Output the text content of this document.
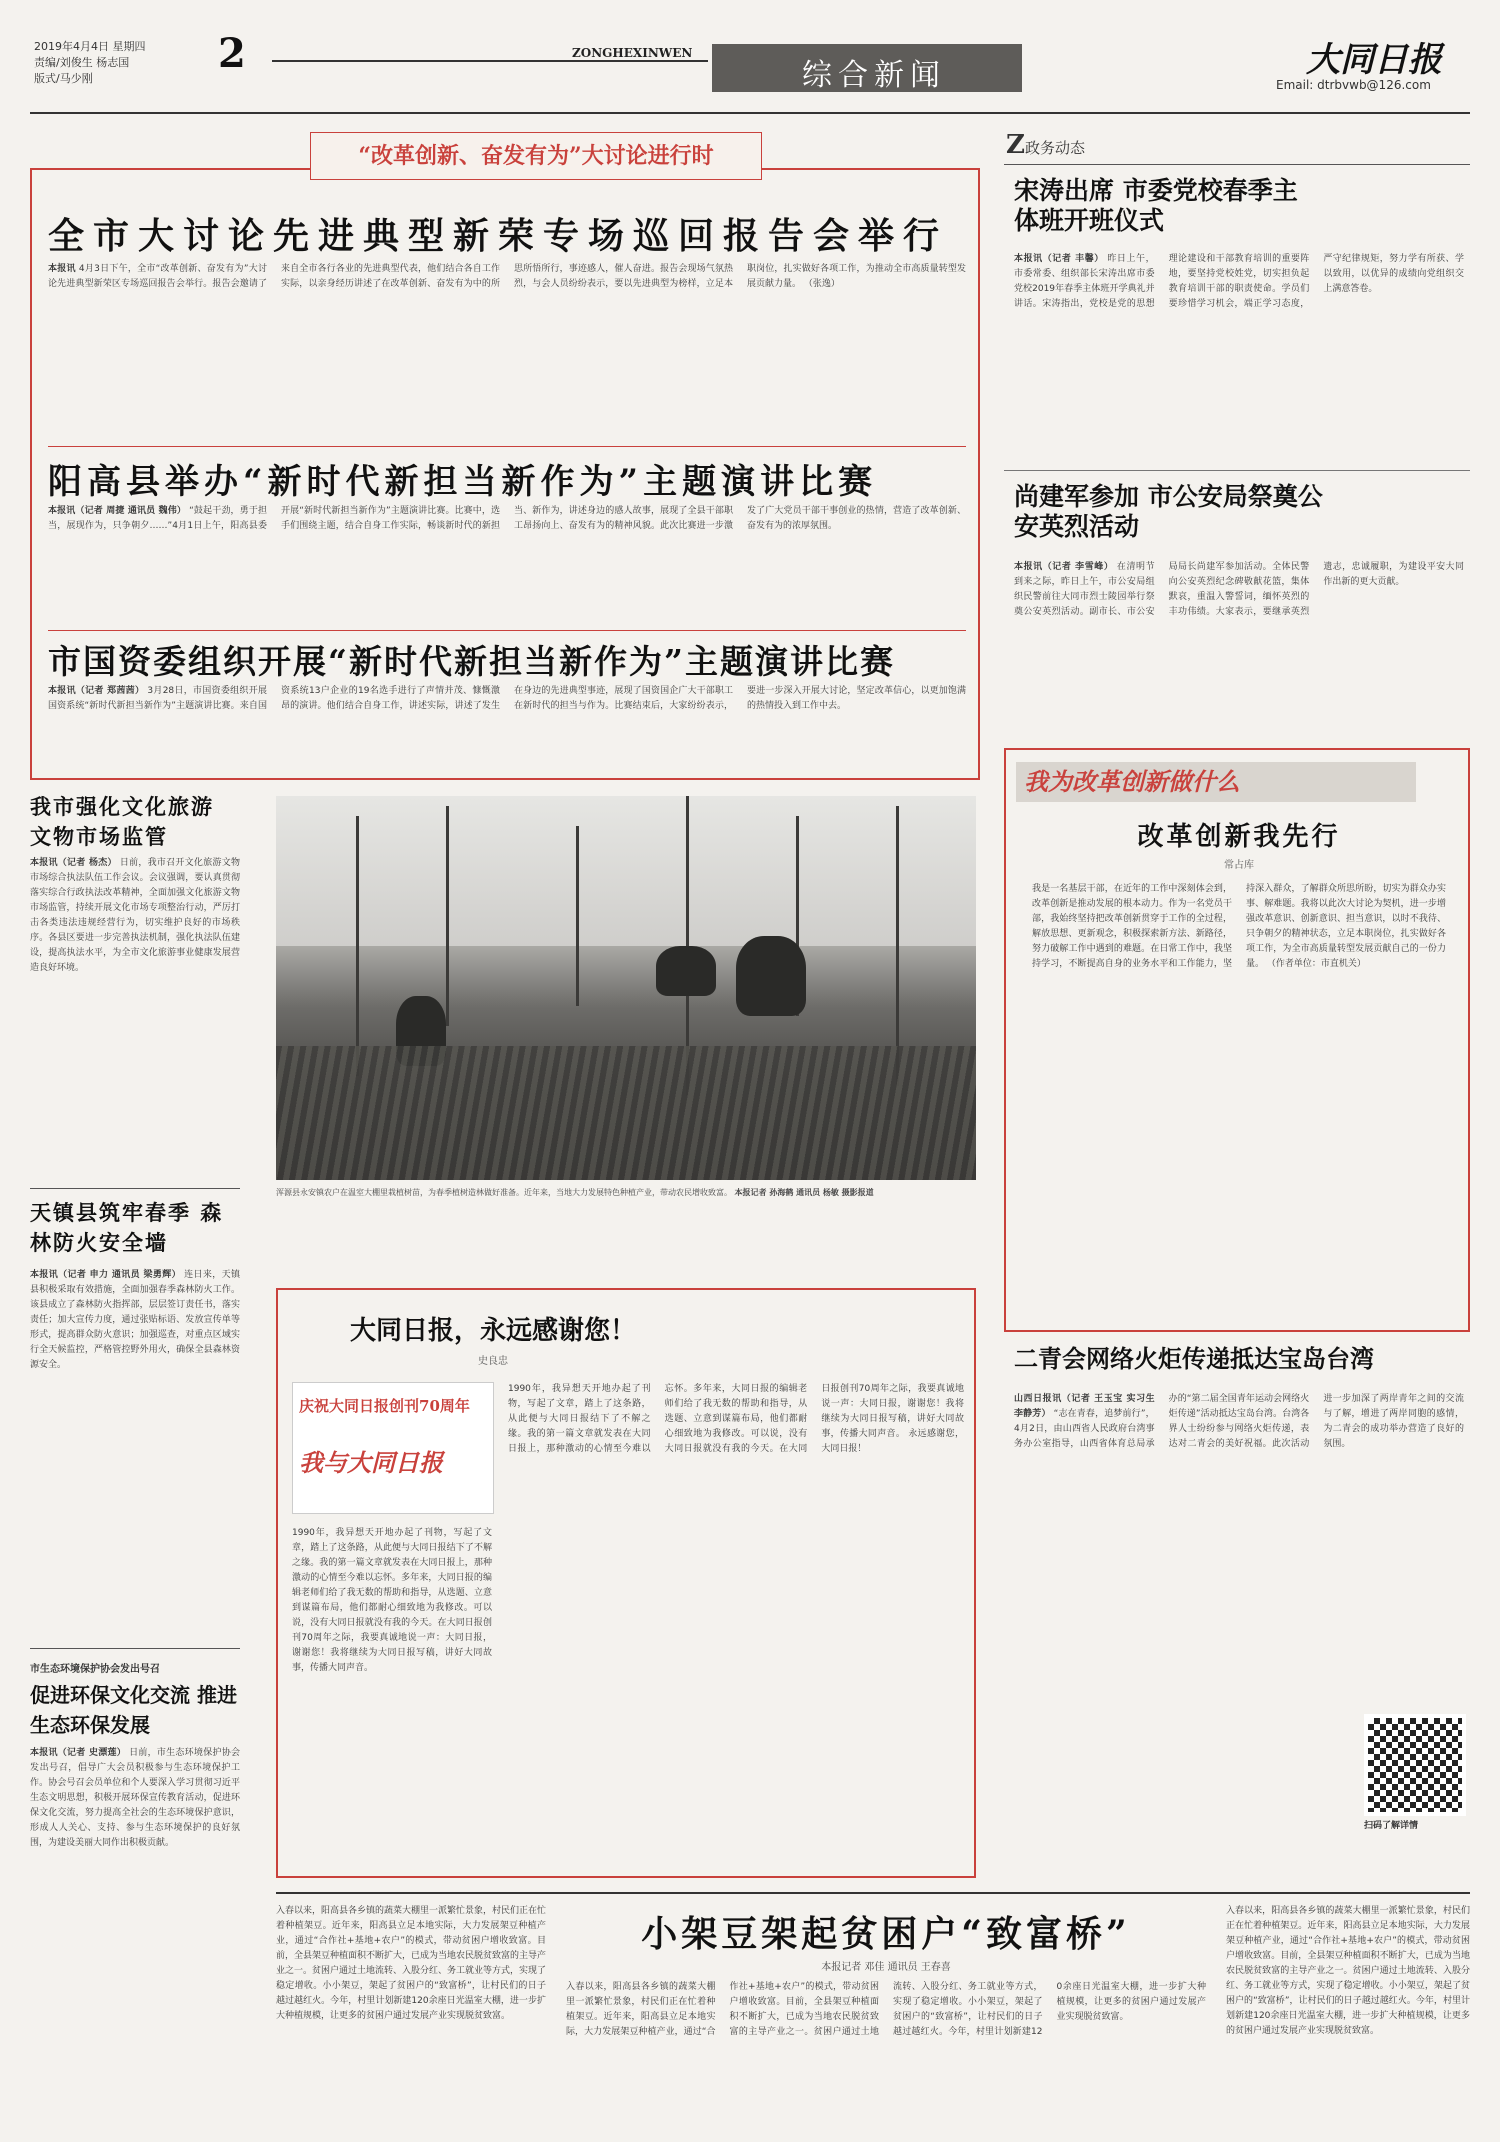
2019年4月4日 星期四
责编/刘俊生 杨志国
版式/马少刚
2	ZONGHEXINWEN
综合新闻	大同日报
Email: dtrbvwb@126.com
“改革创新、奋发有为”大讨论进行时
全市大讨论先进典型新荣专场巡回报告会举行
本报讯 4月3日下午，全市“改革创新、奋发有为”大讨论先进典型新荣区专场巡回报告会举行。报告会邀请了来自全市各行各业的先进典型代表，他们结合各自工作实际，以亲身经历讲述了在改革创新、奋发有为中的所思所悟所行，事迹感人，催人奋进。报告会现场气氛热烈，与会人员纷纷表示，要以先进典型为榜样，立足本职岗位，扎实做好各项工作，为推动全市高质量转型发展贡献力量。 （张逸）
阳高县举办“新时代新担当新作为”主题演讲比赛
本报讯（记者 周捷 通讯员 魏伟） “鼓起干劲，勇于担当，展现作为，只争朝夕……”4月1日上午，阳高县委开展“新时代新担当新作为”主题演讲比赛。比赛中，选手们围绕主题，结合自身工作实际，畅谈新时代的新担当、新作为，讲述身边的感人故事，展现了全县干部职工昂扬向上、奋发有为的精神风貌。此次比赛进一步激发了广大党员干部干事创业的热情，营造了改革创新、奋发有为的浓厚氛围。
市国资委组织开展“新时代新担当新作为”主题演讲比赛
本报讯（记者 郑茜茜） 3月28日，市国资委组织开展国资系统“新时代新担当新作为”主题演讲比赛。来自国资系统13户企业的19名选手进行了声情并茂、慷慨激昂的演讲。他们结合自身工作，讲述实际，讲述了发生在身边的先进典型事迹，展现了国资国企广大干部职工在新时代的担当与作为。比赛结束后，大家纷纷表示，要进一步深入开展大讨论，坚定改革信心，以更加饱满的热情投入到工作中去。
Z政务动态
宋涛出席 市委党校春季主体班开班仪式
本报讯（记者 丰馨） 昨日上午，市委常委、组织部长宋涛出席市委党校2019年春季主体班开学典礼并讲话。宋涛指出，党校是党的思想理论建设和干部教育培训的重要阵地，要坚持党校姓党，切实担负起教育培训干部的职责使命。学员们要珍惜学习机会，端正学习态度，严守纪律规矩，努力学有所获、学以致用，以优异的成绩向党组织交上满意答卷。
尚建军参加 市公安局祭奠公安英烈活动
本报讯（记者 李雪峰） 在清明节到来之际，昨日上午，市公安局组织民警前往大同市烈士陵园举行祭奠公安英烈活动。副市长、市公安局局长尚建军参加活动。全体民警向公安英烈纪念碑敬献花篮，集体默哀，重温入警誓词，缅怀英烈的丰功伟绩。大家表示，要继承英烈遗志，忠诚履职，为建设平安大同作出新的更大贡献。
我为改革创新做什么
改革创新我先行
常占库
我是一名基层干部，在近年的工作中深刻体会到，改革创新是推动发展的根本动力。作为一名党员干部，我始终坚持把改革创新贯穿于工作的全过程，解放思想、更新观念，积极探索新方法、新路径，努力破解工作中遇到的难题。在日常工作中，我坚持学习，不断提高自身的业务水平和工作能力，坚持深入群众，了解群众所思所盼，切实为群众办实事、解难题。我将以此次大讨论为契机，进一步增强改革意识、创新意识、担当意识，以时不我待、只争朝夕的精神状态，立足本职岗位，扎实做好各项工作，为全市高质量转型发展贡献自己的一份力量。 （作者单位：市直机关）
我市强化文化旅游 文物市场监管
本报讯（记者 杨杰） 日前，我市召开文化旅游文物市场综合执法队伍工作会议。会议强调，要认真贯彻落实综合行政执法改革精神，全面加强文化旅游文物市场监管，持续开展文化市场专项整治行动，严厉打击各类违法违规经营行为，切实维护良好的市场秩序。各县区要进一步完善执法机制，强化执法队伍建设，提高执法水平，为全市文化旅游事业健康发展营造良好环境。
天镇县筑牢春季 森林防火安全墙
本报讯（记者 申力 通讯员 梁勇辉） 连日来，天镇县积极采取有效措施，全面加强春季森林防火工作。该县成立了森林防火指挥部，层层签订责任书，落实责任；加大宣传力度，通过张贴标语、发放宣传单等形式，提高群众防火意识；加强巡查，对重点区域实行全天候监控，严格管控野外用火，确保全县森林资源安全。
市生态环境保护协会发出号召
促进环保文化交流 推进生态环保发展
本报讯（记者 史漂莲） 日前，市生态环境保护协会发出号召，倡导广大会员积极参与生态环境保护工作。协会号召会员单位和个人要深入学习贯彻习近平生态文明思想，积极开展环保宣传教育活动，促进环保文化交流，努力提高全社会的生态环境保护意识，形成人人关心、支持、参与生态环境保护的良好氛围，为建设美丽大同作出积极贡献。
浑源县永安镇农户在温室大棚里栽植树苗，为春季植树造林做好准备。近年来，当地大力发展特色种植产业，带动农民增收致富。 本报记者 孙海鹤 通讯员 杨敏 摄影报道
大同日报，永远感谢您！
史良忠
庆祝大同日报创刊70周年
我与大同日报
1990年，我异想天开地办起了刊物，写起了文章，踏上了这条路，从此便与大同日报结下了不解之缘。我的第一篇文章就发表在大同日报上，那种激动的心情至今难以忘怀。多年来，大同日报的编辑老师们给了我无数的帮助和指导，从选题、立意到谋篇布局，他们都耐心细致地为我修改。可以说，没有大同日报就没有我的今天。在大同日报创刊70周年之际，我要真诚地说一声：大同日报，谢谢您！我将继续为大同日报写稿，讲好大同故事，传播大同声音。 永远感谢您，大同日报！
1990年，我异想天开地办起了刊物，写起了文章，踏上了这条路，从此便与大同日报结下了不解之缘。我的第一篇文章就发表在大同日报上，那种激动的心情至今难以忘怀。多年来，大同日报的编辑老师们给了我无数的帮助和指导，从选题、立意到谋篇布局，他们都耐心细致地为我修改。可以说，没有大同日报就没有我的今天。在大同日报创刊70周年之际，我要真诚地说一声：大同日报，谢谢您！我将继续为大同日报写稿，讲好大同故事，传播大同声音。
二青会网络火炬传递抵达宝岛台湾
山西日报讯（记者 王玉宝 实习生 李静芳） “志在青春，追梦前行”，4月2日，由山西省人民政府台湾事务办公室指导，山西省体育总局承办的“第二届全国青年运动会网络火炬传递”活动抵达宝岛台湾。台湾各界人士纷纷参与网络火炬传递，表达对二青会的美好祝福。此次活动进一步加深了两岸青年之间的交流与了解，增进了两岸同胞的感情，为二青会的成功举办营造了良好的氛围。
扫码了解详情
入春以来，阳高县各乡镇的蔬菜大棚里一派繁忙景象，村民们正在忙着种植架豆。近年来，阳高县立足本地实际，大力发展架豆种植产业，通过“合作社+基地+农户”的模式，带动贫困户增收致富。目前，全县架豆种植面积不断扩大，已成为当地农民脱贫致富的主导产业之一。贫困户通过土地流转、入股分红、务工就业等方式，实现了稳定增收。小小架豆，架起了贫困户的“致富桥”，让村民们的日子越过越红火。今年，村里计划新建120余座日光温室大棚，进一步扩大种植规模，让更多的贫困户通过发展产业实现脱贫致富。
小架豆架起贫困户“致富桥”
本报记者 邓佳 通讯员 王春喜
入春以来，阳高县各乡镇的蔬菜大棚里一派繁忙景象，村民们正在忙着种植架豆。近年来，阳高县立足本地实际，大力发展架豆种植产业，通过“合作社+基地+农户”的模式，带动贫困户增收致富。目前，全县架豆种植面积不断扩大，已成为当地农民脱贫致富的主导产业之一。贫困户通过土地流转、入股分红、务工就业等方式，实现了稳定增收。小小架豆，架起了贫困户的“致富桥”，让村民们的日子越过越红火。今年，村里计划新建120余座日光温室大棚，进一步扩大种植规模，让更多的贫困户通过发展产业实现脱贫致富。
入春以来，阳高县各乡镇的蔬菜大棚里一派繁忙景象，村民们正在忙着种植架豆。近年来，阳高县立足本地实际，大力发展架豆种植产业，通过“合作社+基地+农户”的模式，带动贫困户增收致富。目前，全县架豆种植面积不断扩大，已成为当地农民脱贫致富的主导产业之一。贫困户通过土地流转、入股分红、务工就业等方式，实现了稳定增收。小小架豆，架起了贫困户的“致富桥”，让村民们的日子越过越红火。今年，村里计划新建120余座日光温室大棚，进一步扩大种植规模，让更多的贫困户通过发展产业实现脱贫致富。
